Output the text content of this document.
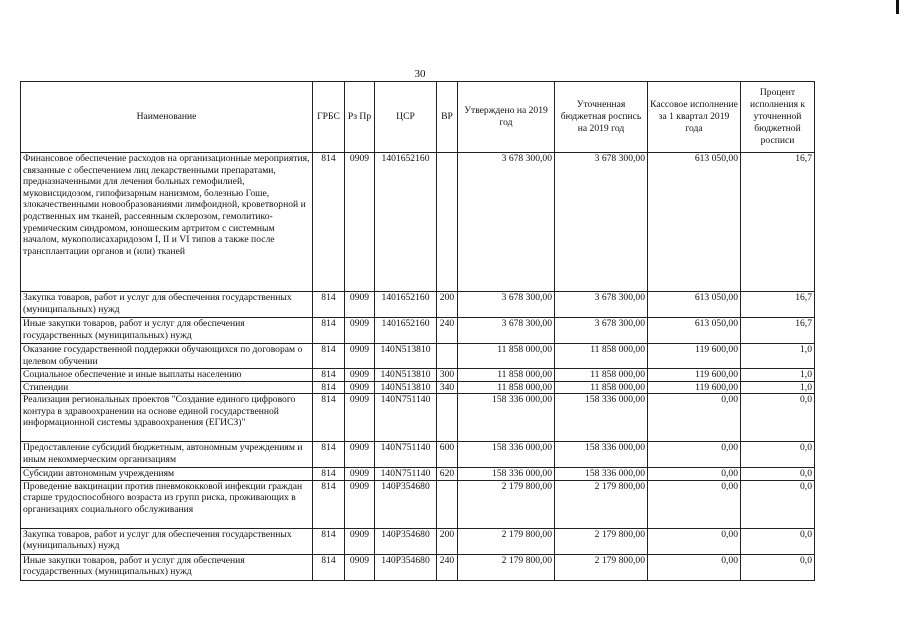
30
Наименование	ГРБС	Рз Пр	ЦСР	ВР	Утверждено на 2019 год	Уточненная бюджетная роспись на 2019 год	Кассовое исполнение за 1 квартал 2019 года	Процент исполнения к уточненной бюджетной росписи
Финансовое обеспечение расходов на организационные мероприятия, связанные с обеспечением лиц лекарственными препаратами, предназначенными для лечения больных гемофилией, муковисцидозом, гипофизарным нанизмом, болезнью Гоше, злокачественными новообразованиями лимфоидной, кроветворной и родственных им тканей, рассеянным склерозом, гемолитико-уремическим синдромом, юношеским артритом с системным началом, мукополисахаридозом I, II и VI типов а также после трансплантации органов и (или) тканей	814	0909	1401652160		3 678 300,00	3 678 300,00	613 050,00	16,7
Закупка товаров, работ и услуг для обеспечения государственных (муниципальных) нужд	814	0909	1401652160	200	3 678 300,00	3 678 300,00	613 050,00	16,7
Иные закупки товаров, работ и услуг для обеспечения государственных (муниципальных) нужд	814	0909	1401652160	240	3 678 300,00	3 678 300,00	613 050,00	16,7
Оказание государственной поддержки обучающихся по договорам о целевом обучении	814	0909	140N513810		11 858 000,00	11 858 000,00	119 600,00	1,0
Социальное обеспечение и иные выплаты населению	814	0909	140N513810	300	11 858 000,00	11 858 000,00	119 600,00	1,0
Стипендии	814	0909	140N513810	340	11 858 000,00	11 858 000,00	119 600,00	1,0
Реализация региональных проектов "Создание единого цифрового контура в здравоохранении на основе единой государственной информационной системы здравоохранения (ЕГИСЗ)"	814	0909	140N751140		158 336 000,00	158 336 000,00	0,00	0,0
Предоставление субсидий бюджетным, автономным учреждениям и иным некоммерческим организациям	814	0909	140N751140	600	158 336 000,00	158 336 000,00	0,00	0,0
Субсидии автономным учреждениям	814	0909	140N751140	620	158 336 000,00	158 336 000,00	0,00	0,0
Проведение вакцинации против пневмококковой инфекции граждан старше трудоспособного возраста из групп риска, проживающих в организациях социального обслуживания	814	0909	140P354680		2 179 800,00	2 179 800,00	0,00	0,0
Закупка товаров, работ и услуг для обеспечения государственных (муниципальных) нужд	814	0909	140P354680	200	2 179 800,00	2 179 800,00	0,00	0,0
Иные закупки товаров, работ и услуг для обеспечения государственных (муниципальных) нужд	814	0909	140P354680	240	2 179 800,00	2 179 800,00	0,00	0,0
